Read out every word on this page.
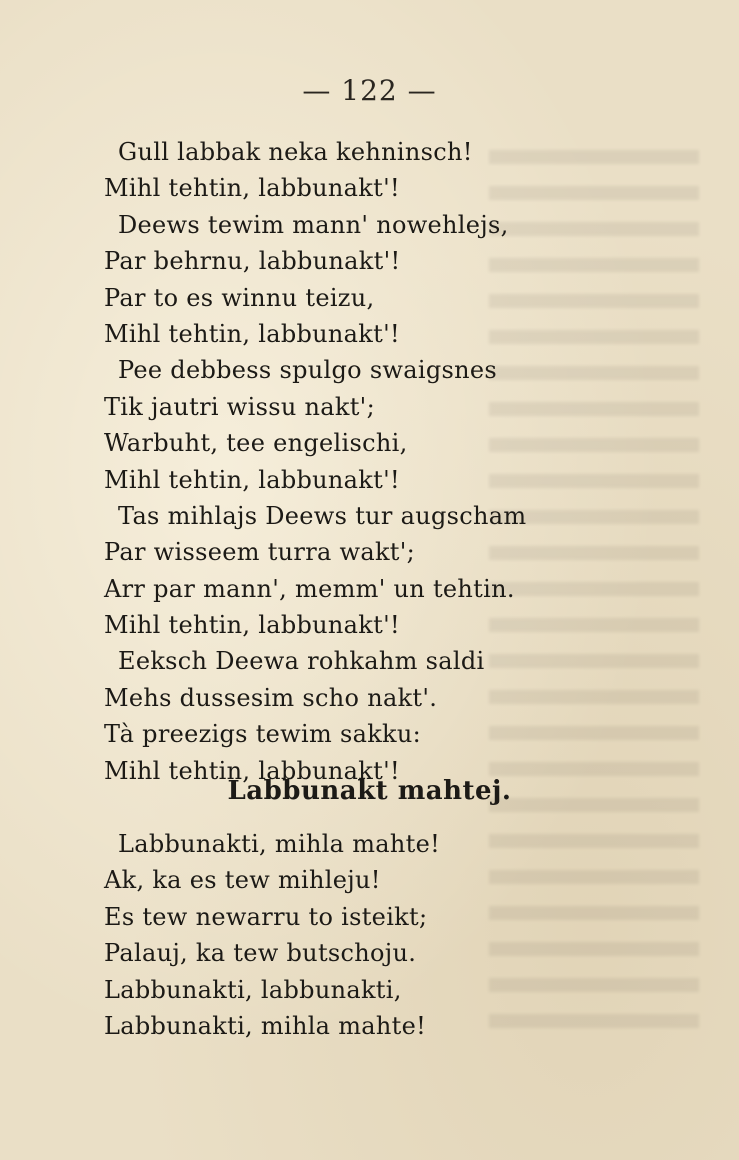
— 122 —
Gull labbak neka kehninsch!
Mihl tehtin, labbunakt'!
Deews tewim mann' nowehlejs,
Par behrnu, labbunakt'!
Par to es winnu teizu,
Mihl tehtin, labbunakt'!
Pee debbess spulgo swaigsnes
Tik jautri wissu nakt';
Warbuht, tee engelischi,
Mihl tehtin, labbunakt'!
Tas mihlajs Deews tur augscham
Par wisseem turra wakt';
Arr par mann', memm' un tehtin.
Mihl tehtin, labbunakt'!
Eeksch Deewa rohkahm saldi
Mehs dussesim scho nakt'.
Tà preezigs tewim sakku:
Mihl tehtin, labbunakt'!
Labbunakt mahtej.
Labbunakti, mihla mahte!
Ak, ka es tew mihleju!
Es tew newarru to isteikt;
Palauj, ka tew butschoju.
Labbunakti, labbunakti,
Labbunakti, mihla mahte!
